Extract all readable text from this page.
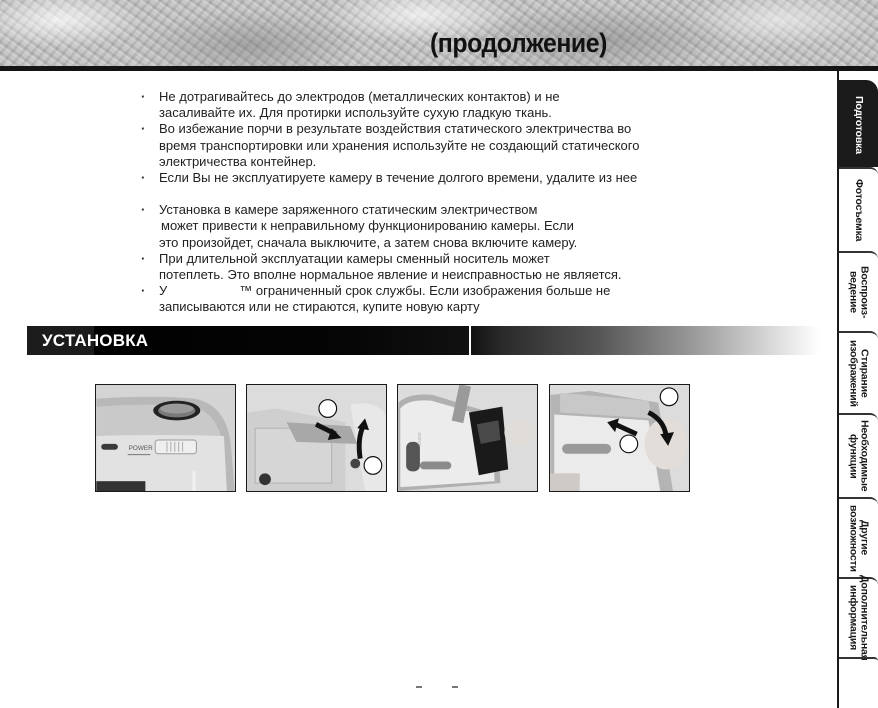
(продолжение)
· Не дотрагивайтесь до электродов (металлических контактов) и не
засаливайте их. Для протирки используйте сухую гладкую ткань.
· Во избежание порчи в результате воздействия статического электричества во
время транспортировки или хранения используйте не создающий статического
электричества контейнер.
· Если Вы не эксплуатируете камеру в течение долгого времени, удалите из нее
· Установка в камере заряженного статическим электричеством
может привести к неправильному функционированию камеры. Если
это произойдет, сначала выключите, а затем снова включите камеру.
· При длительной эксплуатации камеры сменный носитель может
потеплеть. Это вполне нормальное явление и неисправностью не является.
· У	™ ограниченный срок службы. Если изображения больше не
записываются или не стираются, купите новую карту
УСТАНОВКА
POWER
SONY
Подготовка
Фотосъемка
Воспроиз-
ведение
Стирание
изображений
Необходимые
функции
Другие
возможности
Дополнительная
информация
